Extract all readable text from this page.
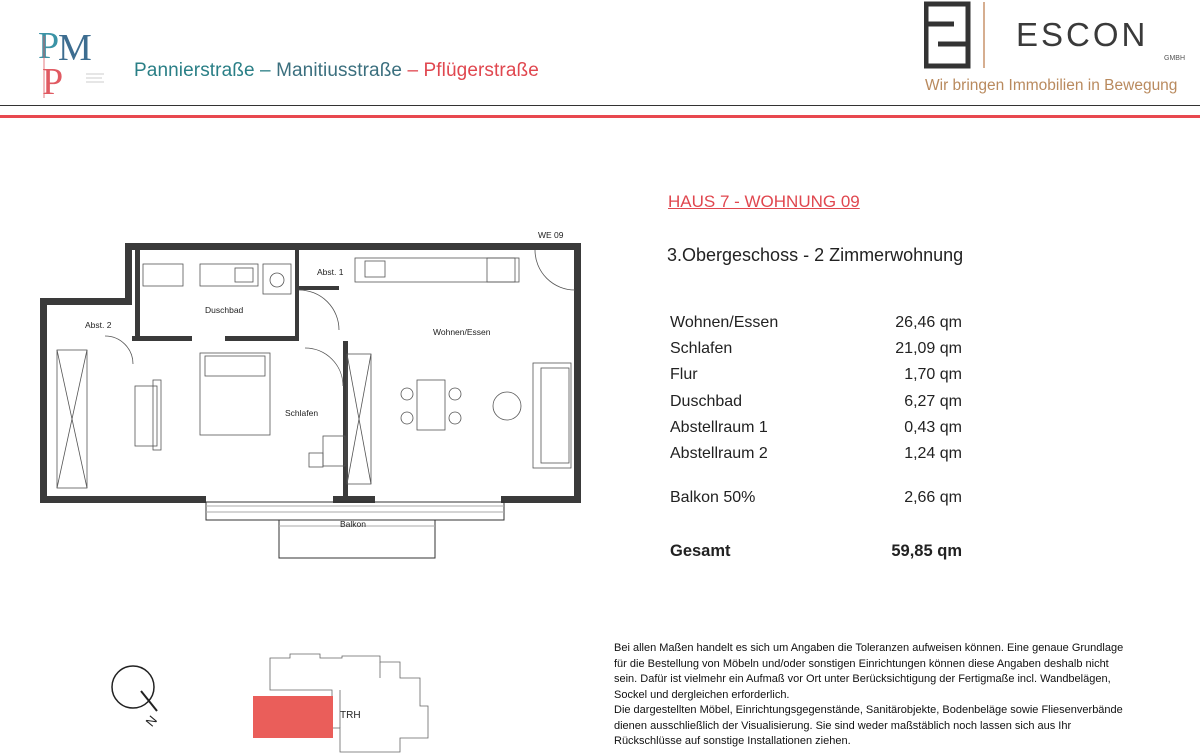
P
M
P	Pannierstraße – Manitiusstraße – Pflügerstraße
ESCON
GMBH
Wir bringen Immobilien in Bewegung
WE 09
Abst. 1
Abst. 2
Duschbad
Wohnen/Essen
Schlafen
Balkon
HAUS 7 - WOHNUNG 09
3.Obergeschoss - 2 Zimmerwohnung
Wohnen/Essen	26,46 qm
Schlafen	21,09 qm
Flur	1,70 qm
Duschbad	6,27 qm
Abstellraum 1	0,43 qm
Abstellraum 2	1,24 qm
Balkon 50%	2,66 qm
Gesamt	59,85 qm
N	TRH

Bei allen Maßen handelt es sich um Angaben die Toleranzen aufweisen können. Eine genaue Grundlage für die Bestellung von Möbeln und/oder sonstigen Einrichtungen können diese Angaben deshalb nicht sein. Dafür ist vielmehr ein Aufmaß vor Ort unter Berücksichtigung der Fertigmaße incl. Wandbelägen, Sockel und dergleichen erforderlich.

Die dargestellten Möbel, Einrichtungsgegenstände, Sanitärobjekte, Bodenbeläge sowie Fliesenverbände dienen ausschließlich der Visualisierung. Sie sind weder maßstäblich noch lassen sich aus Ihr Rückschlüsse auf sonstige Installationen ziehen.
